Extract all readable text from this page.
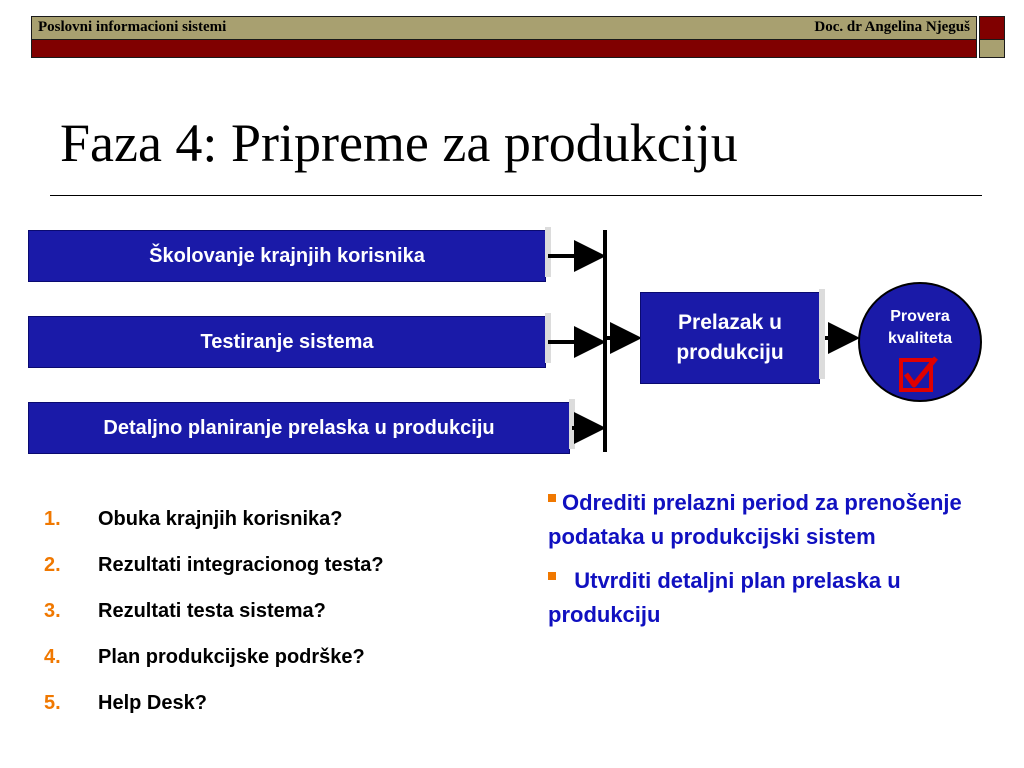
Poslovni informacioni sistemi	Doc. dr Angelina Njeguš
Faza 4: Pripreme za produkciju
Školovanje krajnjih korisnika
Testiranje sistema
Detaljno planiranje prelaska u produkciju
Prelazak u
produkciju
Provera
kvaliteta
1. Obuka krajnjih korisnika?
2. Rezultati integracionog testa?
3. Rezultati testa sistema?
4. Plan produkcijske podrške?
5. Help Desk?
Odrediti prelazni period za prenošenje podataka u produkcijski sistem
Utvrditi detaljni plan prelaska u produkciju
